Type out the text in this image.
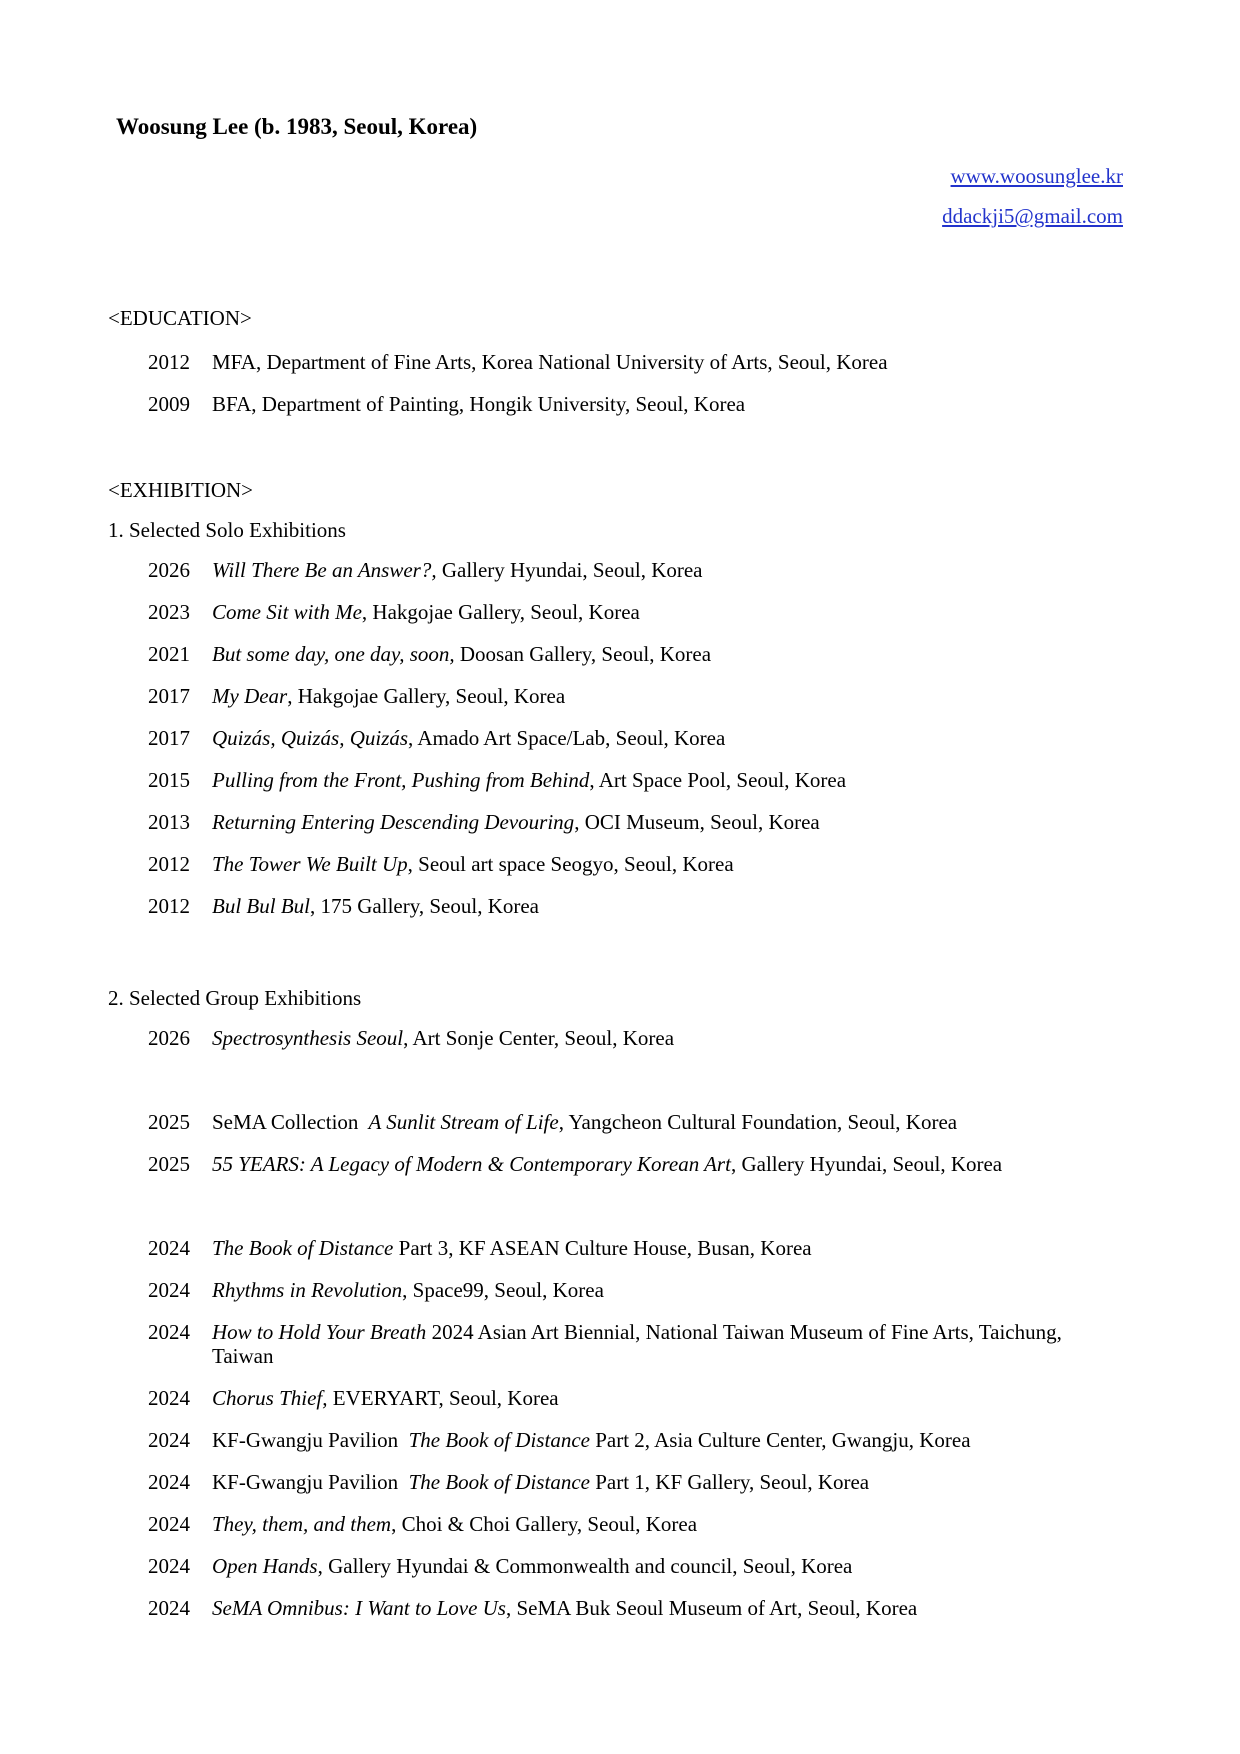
Woosung Lee (b. 1983, Seoul, Korea)
www.woosunglee.kr
ddackji5@gmail.com
<EDUCATION>
2012	MFA, Department of Fine Arts, Korea National University of Arts, Seoul, Korea
2009	BFA, Department of Painting, Hongik University, Seoul, Korea
<EXHIBITION>
1. Selected Solo Exhibitions
2026	Will There Be an Answer?, Gallery Hyundai, Seoul, Korea
2023	Come Sit with Me, Hakgojae Gallery, Seoul, Korea
2021	But some day, one day, soon, Doosan Gallery, Seoul, Korea
2017	My Dear, Hakgojae Gallery, Seoul, Korea
2017	Quizás, Quizás, Quizás, Amado Art Space/Lab, Seoul, Korea
2015	Pulling from the Front, Pushing from Behind, Art Space Pool, Seoul, Korea
2013	Returning Entering Descending Devouring, OCI Museum, Seoul, Korea
2012	The Tower We Built Up, Seoul art space Seogyo, Seoul, Korea
2012	Bul Bul Bul, 175 Gallery, Seoul, Korea
2. Selected Group Exhibitions
2026	Spectrosynthesis Seoul, Art Sonje Center, Seoul, Korea
2025	SeMA Collection  A Sunlit Stream of Life, Yangcheon Cultural Foundation, Seoul, Korea
2025	55 YEARS: A Legacy of Modern & Contemporary Korean Art, Gallery Hyundai, Seoul, Korea
2024	The Book of Distance Part 3, KF ASEAN Culture House, Busan, Korea
2024	Rhythms in Revolution, Space99, Seoul, Korea
2024	How to Hold Your Breath 2024 Asian Art Biennial, National Taiwan Museum of Fine Arts, Taichung, Taiwan
2024	Chorus Thief, EVERYART, Seoul, Korea
2024	KF-Gwangju Pavilion  The Book of Distance Part 2, Asia Culture Center, Gwangju, Korea
2024	KF-Gwangju Pavilion  The Book of Distance Part 1, KF Gallery, Seoul, Korea
2024	They, them, and them, Choi & Choi Gallery, Seoul, Korea
2024	Open Hands, Gallery Hyundai & Commonwealth and council, Seoul, Korea
2024	SeMA Omnibus: I Want to Love Us, SeMA Buk Seoul Museum of Art, Seoul, Korea
